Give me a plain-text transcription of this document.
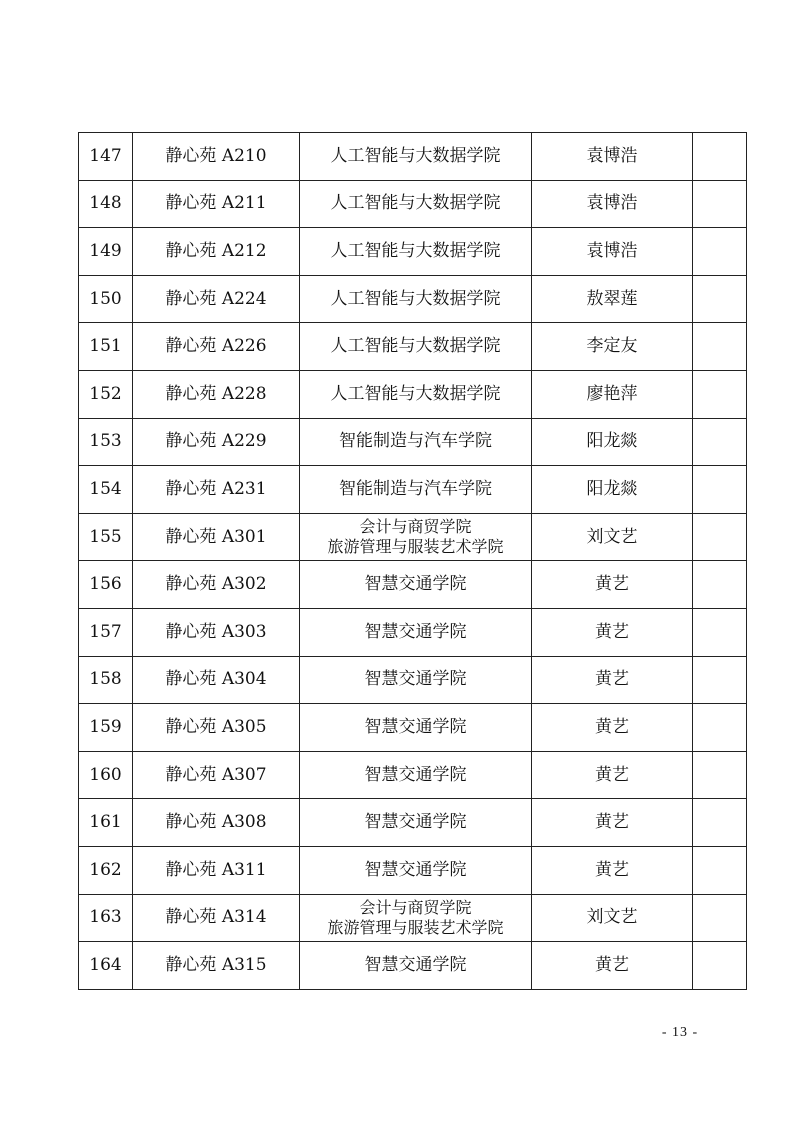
147	静心苑 A210	人工智能与大数据学院	袁博浩	
148	静心苑 A211	人工智能与大数据学院	袁博浩	
149	静心苑 A212	人工智能与大数据学院	袁博浩	
150	静心苑 A224	人工智能与大数据学院	敖翠莲	
151	静心苑 A226	人工智能与大数据学院	李定友	
152	静心苑 A228	人工智能与大数据学院	廖艳萍	
153	静心苑 A229	智能制造与汽车学院	阳龙燚	
154	静心苑 A231	智能制造与汽车学院	阳龙燚	
155	静心苑 A301	会计与商贸学院
旅游管理与服装艺术学院	刘文艺	
156	静心苑 A302	智慧交通学院	黄艺	
157	静心苑 A303	智慧交通学院	黄艺	
158	静心苑 A304	智慧交通学院	黄艺	
159	静心苑 A305	智慧交通学院	黄艺	
160	静心苑 A307	智慧交通学院	黄艺	
161	静心苑 A308	智慧交通学院	黄艺	
162	静心苑 A311	智慧交通学院	黄艺	
163	静心苑 A314	会计与商贸学院
旅游管理与服装艺术学院	刘文艺	
164	静心苑 A315	智慧交通学院	黄艺	
- 13 -
